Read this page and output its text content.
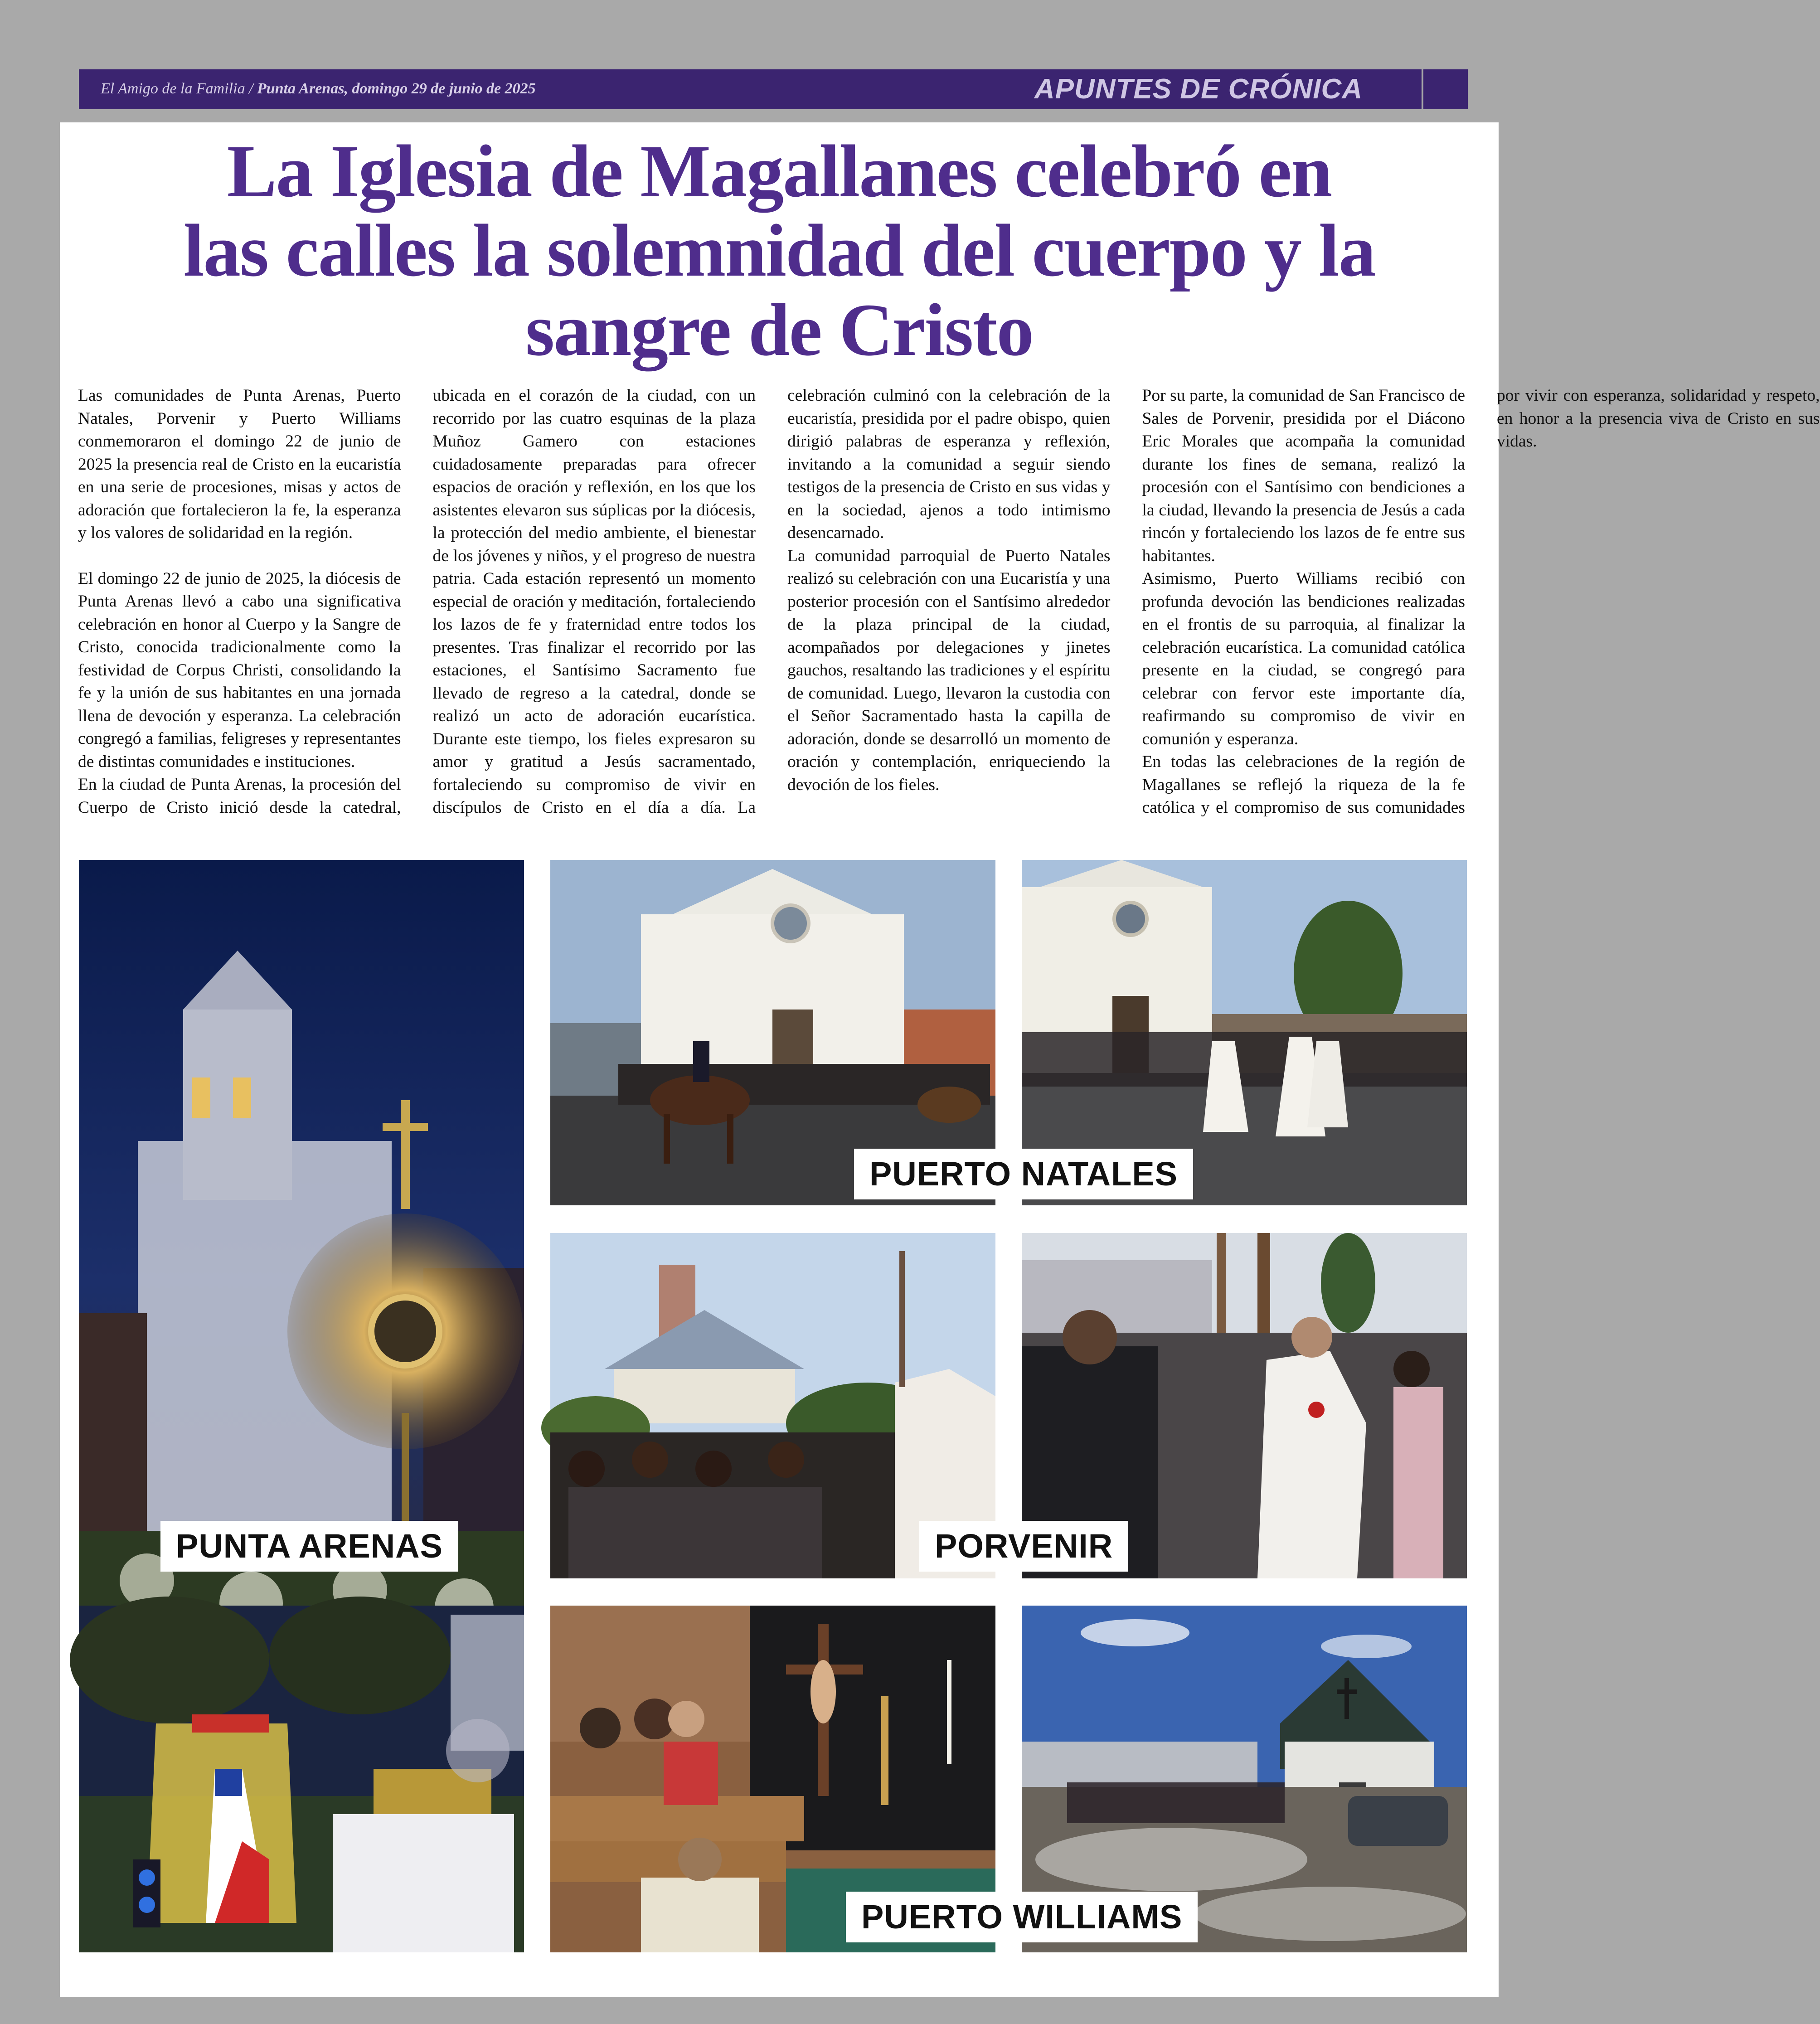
El Amigo de la Familia / Punta Arenas, domingo 29 de junio de 2025	APUNTES DE CRÓNICA
La Iglesia de Magallanes celebró en
las calles la solemnidad del cuerpo y la
sangre de Cristo

Las comunidades de Punta Arenas, Puerto Natales, Porvenir y Puerto Williams conmemoraron el domingo 22 de junio de 2025 la presencia real de Cristo en la eucaristía en una serie de procesiones, misas y actos de adoración que fortalecieron la fe, la esperanza y los valores de solidaridad en la región.

El domingo 22 de junio de 2025, la diócesis de Punta Arenas llevó a cabo una significativa celebración en honor al Cuerpo y la Sangre de Cristo, conocida tradicionalmente como la festividad de Corpus Christi, consolidando la fe y la unión de sus habitantes en una jornada llena de devoción y esperanza. La celebración congregó a familias, feligreses y representantes de distintas comunidades e instituciones.

En la ciudad de Punta Arenas, la procesión del Cuerpo de Cristo inició desde la catedral, ubicada en el corazón de la ciudad, con un recorrido por las cuatro esquinas de la plaza Muñoz Gamero con estaciones cuidadosamente preparadas para ofrecer espacios de oración y reflexión, en los que los asistentes elevaron sus súplicas por la diócesis, la protección del medio ambiente, el bienestar de los jóvenes y niños, y el progreso de nuestra patria. Cada estación representó un momento especial de oración y meditación, fortaleciendo los lazos de fe y fraternidad entre todos los presentes. Tras finalizar el recorrido por las estaciones, el Santísimo Sacramento fue llevado de regreso a la catedral, donde se realizó un acto de adoración eucarística. Durante este tiempo, los fieles expresaron su amor y gratitud a Jesús sacramentado, fortaleciendo su compromiso de vivir en discípulos de Cristo en el día a día. La celebración culminó con la celebración de la eucaristía, presidida por el padre obispo, quien dirigió palabras de esperanza y reflexión, invitando a la comunidad a seguir siendo testigos de la presencia de Cristo en sus vidas y en la sociedad, ajenos a todo intimismo desencarnado.

La comunidad parroquial de Puerto Natales realizó su celebración con una Eucaristía y una posterior procesión con el Santísimo alrededor de la plaza principal de la ciudad, acompañados por delegaciones y jinetes gauchos, resaltando las tradiciones y el espíritu de comunidad. Luego, llevaron la custodia con el Señor Sacramentado hasta la capilla de adoración, donde se desarrolló un momento de oración y contemplación, enriqueciendo la devoción de los fieles.

Por su parte, la comunidad de San Francisco de Sales de Porvenir, presidida por el Diácono Eric Morales que acompaña la comunidad durante los fines de semana, realizó la procesión con el Santísimo con bendiciones a la ciudad, llevando la presencia de Jesús a cada rincón y fortaleciendo los lazos de fe entre sus habitantes.

Asimismo, Puerto Williams recibió con profunda devoción las bendiciones realizadas en el frontis de su parroquia, al finalizar la celebración eucarística. La comunidad católica presente en la ciudad, se congregó para celebrar con fervor este importante día, reafirmando su compromiso de vivir en comunión y esperanza.

En todas las celebraciones de la región de Magallanes se reflejó la riqueza de la fe católica y el compromiso de sus comunidades por vivir con esperanza, solidaridad y respeto, en honor a la presencia viva de Cristo en sus vidas.

PUERTO NATALES
PORVENIR
PUNTA ARENAS
PUERTO WILLIAMS
